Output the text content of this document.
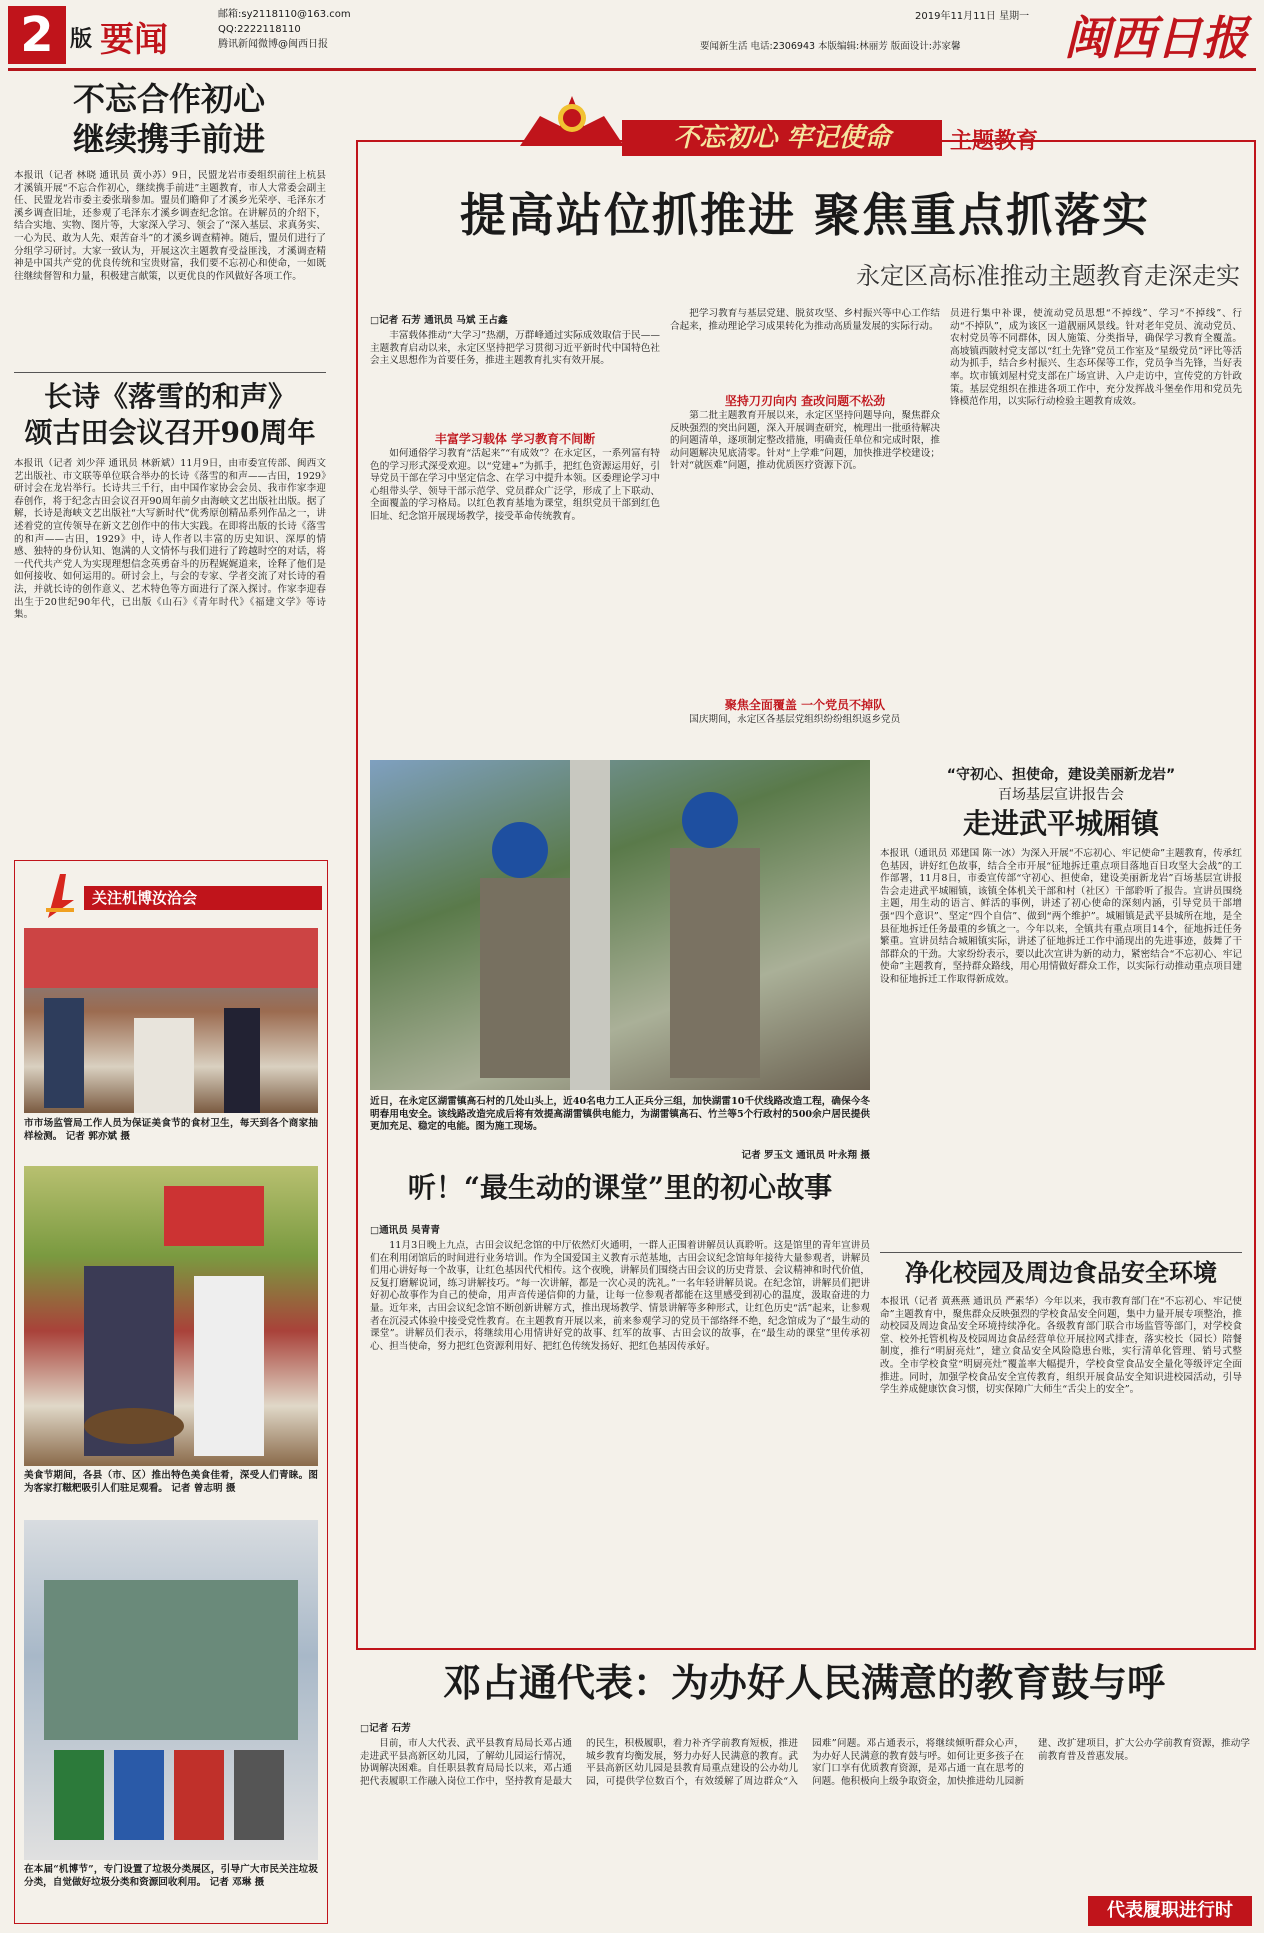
2 版 要闻
邮箱:sy2118110@163.com
QQ:2222118110
腾讯新闻微博@闽西日报
2019年11月11日 星期一
要闻新生活 电话:2306943 本版编辑:林丽芳 版面设计:苏家馨 闽西日报
不忘合作初心
继续携手前进
本报讯（记者 林晓 通讯员 黄小苏）9日，民盟龙岩市委组织前往上杭县才溪镇开展“不忘合作初心，继续携手前进”主题教育，市人大常委会副主任、民盟龙岩市委主委张瑞参加。盟员们瞻仰了才溪乡光荣亭、毛泽东才溪乡调查旧址，还参观了毛泽东才溪乡调查纪念馆。在讲解员的介绍下，结合实地、实物、图片等，大家深入学习、领会了“深入基层、求真务实、一心为民、敢为人先、艰苦奋斗”的才溪乡调查精神。随后，盟员们进行了分组学习研讨。大家一致认为，开展这次主题教育受益匪浅，才溪调查精神是中国共产党的优良传统和宝贵财富，我们要不忘初心和使命，一如既往继续督智和力量，积极建言献策，以更优良的作风做好各项工作。
长诗《落雪的和声》
颂古田会议召开90周年
本报讯（记者 刘少萍 通讯员 林新斌）11月9日，由市委宣传部、闽西文艺出版社、市文联等单位联合举办的长诗《落雪的和声——古田，1929》研讨会在龙岩举行。长诗共三千行，由中国作家协会会员、我市作家李迎春创作，将于纪念古田会议召开90周年前夕由海峡文艺出版社出版。据了解，长诗是海峡文艺出版社“大写新时代”优秀原创精品系列作品之一，讲述着党的宣传领导在新文艺创作中的伟大实践。在即将出版的长诗《落雪的和声——古田，1929》中，诗人作者以丰富的历史知识、深厚的情感、独特的身份认知、饱满的人文情怀与我们进行了跨越时空的对话，将一代代共产党人为实现理想信念英勇奋斗的历程娓娓道来，诠释了他们是如何接收、如何运用的。研讨会上，与会的专家、学者交流了对长诗的看法，并就长诗的创作意义、艺术特色等方面进行了深入探讨。作家李迎春出生于20世纪90年代，已出版《山石》《青年时代》《福建文学》等诗集。
关注机博汝洽会
市市场监管局工作人员为保证美食节的食材卫生，每天到各个商家抽样检测。 记者 郭亦斌 摄
美食节期间，各县（市、区）推出特色美食佳肴，深受人们青睐。图为客家打糍粑吸引人们驻足观看。 记者 曾志明 摄
在本届“机博节”，专门设置了垃圾分类展区，引导广大市民关注垃圾分类，自觉做好垃圾分类和资源回收利用。 记者 邓琳 摄
不忘初心 牢记使命	主题教育
提高站位抓推进 聚焦重点抓落实
永定区高标准推动主题教育走深走实
□记者 石芳 通讯员 马斌 王占鑫
丰富载体推动“大学习”热潮，万群峰通过实际成效取信于民——主题教育启动以来，永定区坚持把学习贯彻习近平新时代中国特色社会主义思想作为首要任务，推进主题教育扎实有效开展。
丰富学习载体 学习教育不间断
如何通俗学习教育“活起来”“有成效”？在永定区，一系列富有特色的学习形式深受欢迎。以“党建+”为抓手，把红色资源运用好，引导党员干部在学习中坚定信念、在学习中提升本领。区委理论学习中心组带头学、领导干部示范学、党员群众广泛学，形成了上下联动、全面覆盖的学习格局。以红色教育基地为课堂，组织党员干部到红色旧址、纪念馆开展现场教学，接受革命传统教育。
把学习教育与基层党建、脱贫攻坚、乡村振兴等中心工作结合起来，推动理论学习成果转化为推动高质量发展的实际行动。
坚持刀刃向内 查改问题不松劲
第二批主题教育开展以来，永定区坚持问题导向，聚焦群众反映强烈的突出问题，深入开展调查研究，梳理出一批亟待解决的问题清单，逐项制定整改措施，明确责任单位和完成时限，推动问题解决见底清零。针对“上学难”问题，加快推进学校建设；针对“就医难”问题，推动优质医疗资源下沉。
聚焦全面覆盖 一个党员不掉队
国庆期间，永定区各基层党组织纷纷组织返乡党员
员进行集中补课，使流动党员思想“不掉线”、学习“不掉线”、行动“不掉队”，成为该区一道靓丽风景线。针对老年党员、流动党员、农村党员等不同群体，因人施策、分类指导，确保学习教育全覆盖。高坡镇西陂村党支部以“红土先锋”党员工作室及“星级党员”评比等活动为抓手，结合乡村振兴、生态环保等工作，党员争当先锋，当好表率。坎市镇刘屋村党支部在广场宣讲、入户走访中，宣传党的方针政策。基层党组织在推进各项工作中，充分发挥战斗堡垒作用和党员先锋模范作用，以实际行动检验主题教育成效。
近日，在永定区湖雷镇高石村的几处山头上，近40名电力工人正兵分三组，加快湖雷10千伏线路改造工程，确保今冬明春用电安全。该线路改造完成后将有效提高湖雷镇供电能力，为湖雷镇高石、竹兰等5个行政村的500余户居民提供更加充足、稳定的电能。图为施工现场。
记者 罗玉文 通讯员 叶永翔 摄
“守初心、担使命，建设美丽新龙岩”
百场基层宣讲报告会
走进武平城厢镇
本报讯（通讯员 邓建国 陈一冰）为深入开展“不忘初心、牢记使命”主题教育，传承红色基因，讲好红色故事，结合全市开展“征地拆迁重点项目落地百日攻坚大会战”的工作部署，11月8日，市委宣传部“守初心、担使命，建设美丽新龙岩”百场基层宣讲报告会走进武平城厢镇，该镇全体机关干部和村（社区）干部聆听了报告。宣讲员围绕主题，用生动的语言、鲜活的事例，讲述了初心使命的深刻内涵，引导党员干部增强“四个意识”、坚定“四个自信”、做到“两个维护”。城厢镇是武平县城所在地，是全县征地拆迁任务最重的乡镇之一。今年以来，全镇共有重点项目14个，征地拆迁任务繁重。宣讲员结合城厢镇实际，讲述了征地拆迁工作中涌现出的先进事迹，鼓舞了干部群众的干劲。大家纷纷表示，要以此次宣讲为新的动力，紧密结合“不忘初心、牢记使命”主题教育，坚持群众路线，用心用情做好群众工作，以实际行动推动重点项目建设和征地拆迁工作取得新成效。
听！“最生动的课堂”里的初心故事
□通讯员 吴青青
11月3日晚上九点，古田会议纪念馆的中厅依然灯火通明，一群人正围着讲解员认真聆听。这是馆里的青年宣讲员们在利用闭馆后的时间进行业务培训。作为全国爱国主义教育示范基地，古田会议纪念馆每年接待大量参观者，讲解员们用心讲好每一个故事，让红色基因代代相传。这个夜晚，讲解员们围绕古田会议的历史背景、会议精神和时代价值，反复打磨解说词，练习讲解技巧。“每一次讲解，都是一次心灵的洗礼。”一名年轻讲解员说。在纪念馆，讲解员们把讲好初心故事作为自己的使命，用声音传递信仰的力量，让每一位参观者都能在这里感受到初心的温度，汲取奋进的力量。近年来，古田会议纪念馆不断创新讲解方式，推出现场教学、情景讲解等多种形式，让红色历史“活”起来，让参观者在沉浸式体验中接受党性教育。在主题教育开展以来，前来参观学习的党员干部络绎不绝，纪念馆成为了“最生动的课堂”。讲解员们表示，将继续用心用情讲好党的故事、红军的故事、古田会议的故事，在“最生动的课堂”里传承初心、担当使命，努力把红色资源利用好、把红色传统发扬好、把红色基因传承好。
净化校园及周边食品安全环境
本报讯（记者 黄燕燕 通讯员 严素华）今年以来，我市教育部门在“不忘初心、牢记使命”主题教育中，聚焦群众反映强烈的学校食品安全问题，集中力量开展专项整治，推动校园及周边食品安全环境持续净化。各级教育部门联合市场监管等部门，对学校食堂、校外托管机构及校园周边食品经营单位开展拉网式排查，落实校长（园长）陪餐制度，推行“明厨亮灶”，建立食品安全风险隐患台账，实行清单化管理、销号式整改。全市学校食堂“明厨亮灶”覆盖率大幅提升，学校食堂食品安全量化等级评定全面推进。同时，加强学校食品安全宣传教育，组织开展食品安全知识进校园活动，引导学生养成健康饮食习惯，切实保障广大师生“舌尖上的安全”。
邓占通代表：为办好人民满意的教育鼓与呼
□记者 石芳
目前，市人大代表、武平县教育局局长邓占通走进武平县高新区幼儿园，了解幼儿园运行情况，协调解决困难。自任职县教育局局长以来，邓占通把代表履职工作融入岗位工作中，坚持教育是最大的民生，积极履职，着力补齐学前教育短板，推进城乡教育均衡发展，努力办好人民满意的教育。武平县高新区幼儿园是县教育局重点建设的公办幼儿园，可提供学位数百个，有效缓解了周边群众“入园难”问题。邓占通表示，将继续倾听群众心声，为办好人民满意的教育鼓与呼。如何让更多孩子在家门口享有优质教育资源，是邓占通一直在思考的问题。他积极向上级争取资金，加快推进幼儿园新建、改扩建项目，扩大公办学前教育资源，推动学前教育普及普惠发展。
代表履职进行时
